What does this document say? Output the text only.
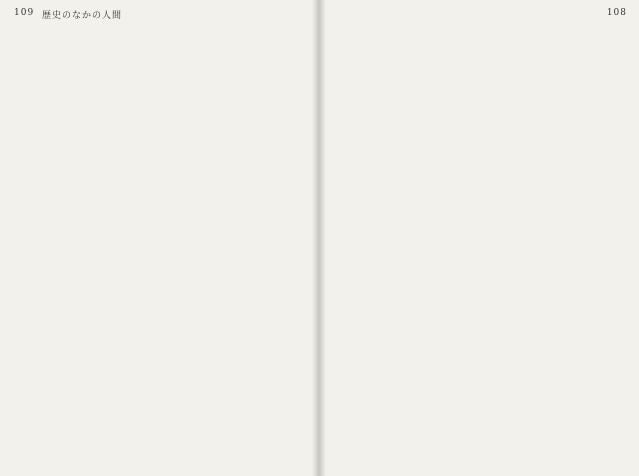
109 歴史のなかの人間	108
